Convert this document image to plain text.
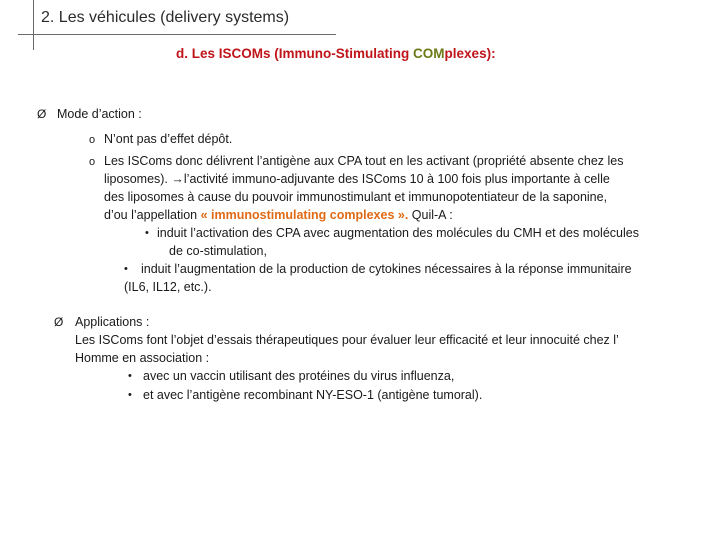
2. Les véhicules (delivery systems)
d. Les ISCOMs (Immuno-Stimulating COMplexes):
Ø Mode d’action :
o N’ont pas d’effet dépôt.
o Les ISComs donc délivrent l’antigène aux CPA tout en les activant (propriété absente chez les
liposomes). →l’activité immuno-adjuvante des ISComs 10 à 100 fois plus importante à celle
des liposomes à cause du pouvoir immunostimulant et immunopotentiateur de la saponine,
d’ou l’appellation « immunostimulating complexes ». Quil-A :
• induit l’activation des CPA avec augmentation des molécules du CMH et des molécules
de co-stimulation,
• induit l’augmentation de la production de cytokines nécessaires à la réponse immunitaire
(IL6, IL12, etc.).
Ø Applications :
Les ISComs font l’objet d’essais thérapeutiques pour évaluer leur efficacité et leur innocuité chez l’
Homme en association :
• avec un vaccin utilisant des protéines du virus influenza,
• et avec l’antigène recombinant NY-ESO-1 (antigène tumoral).
